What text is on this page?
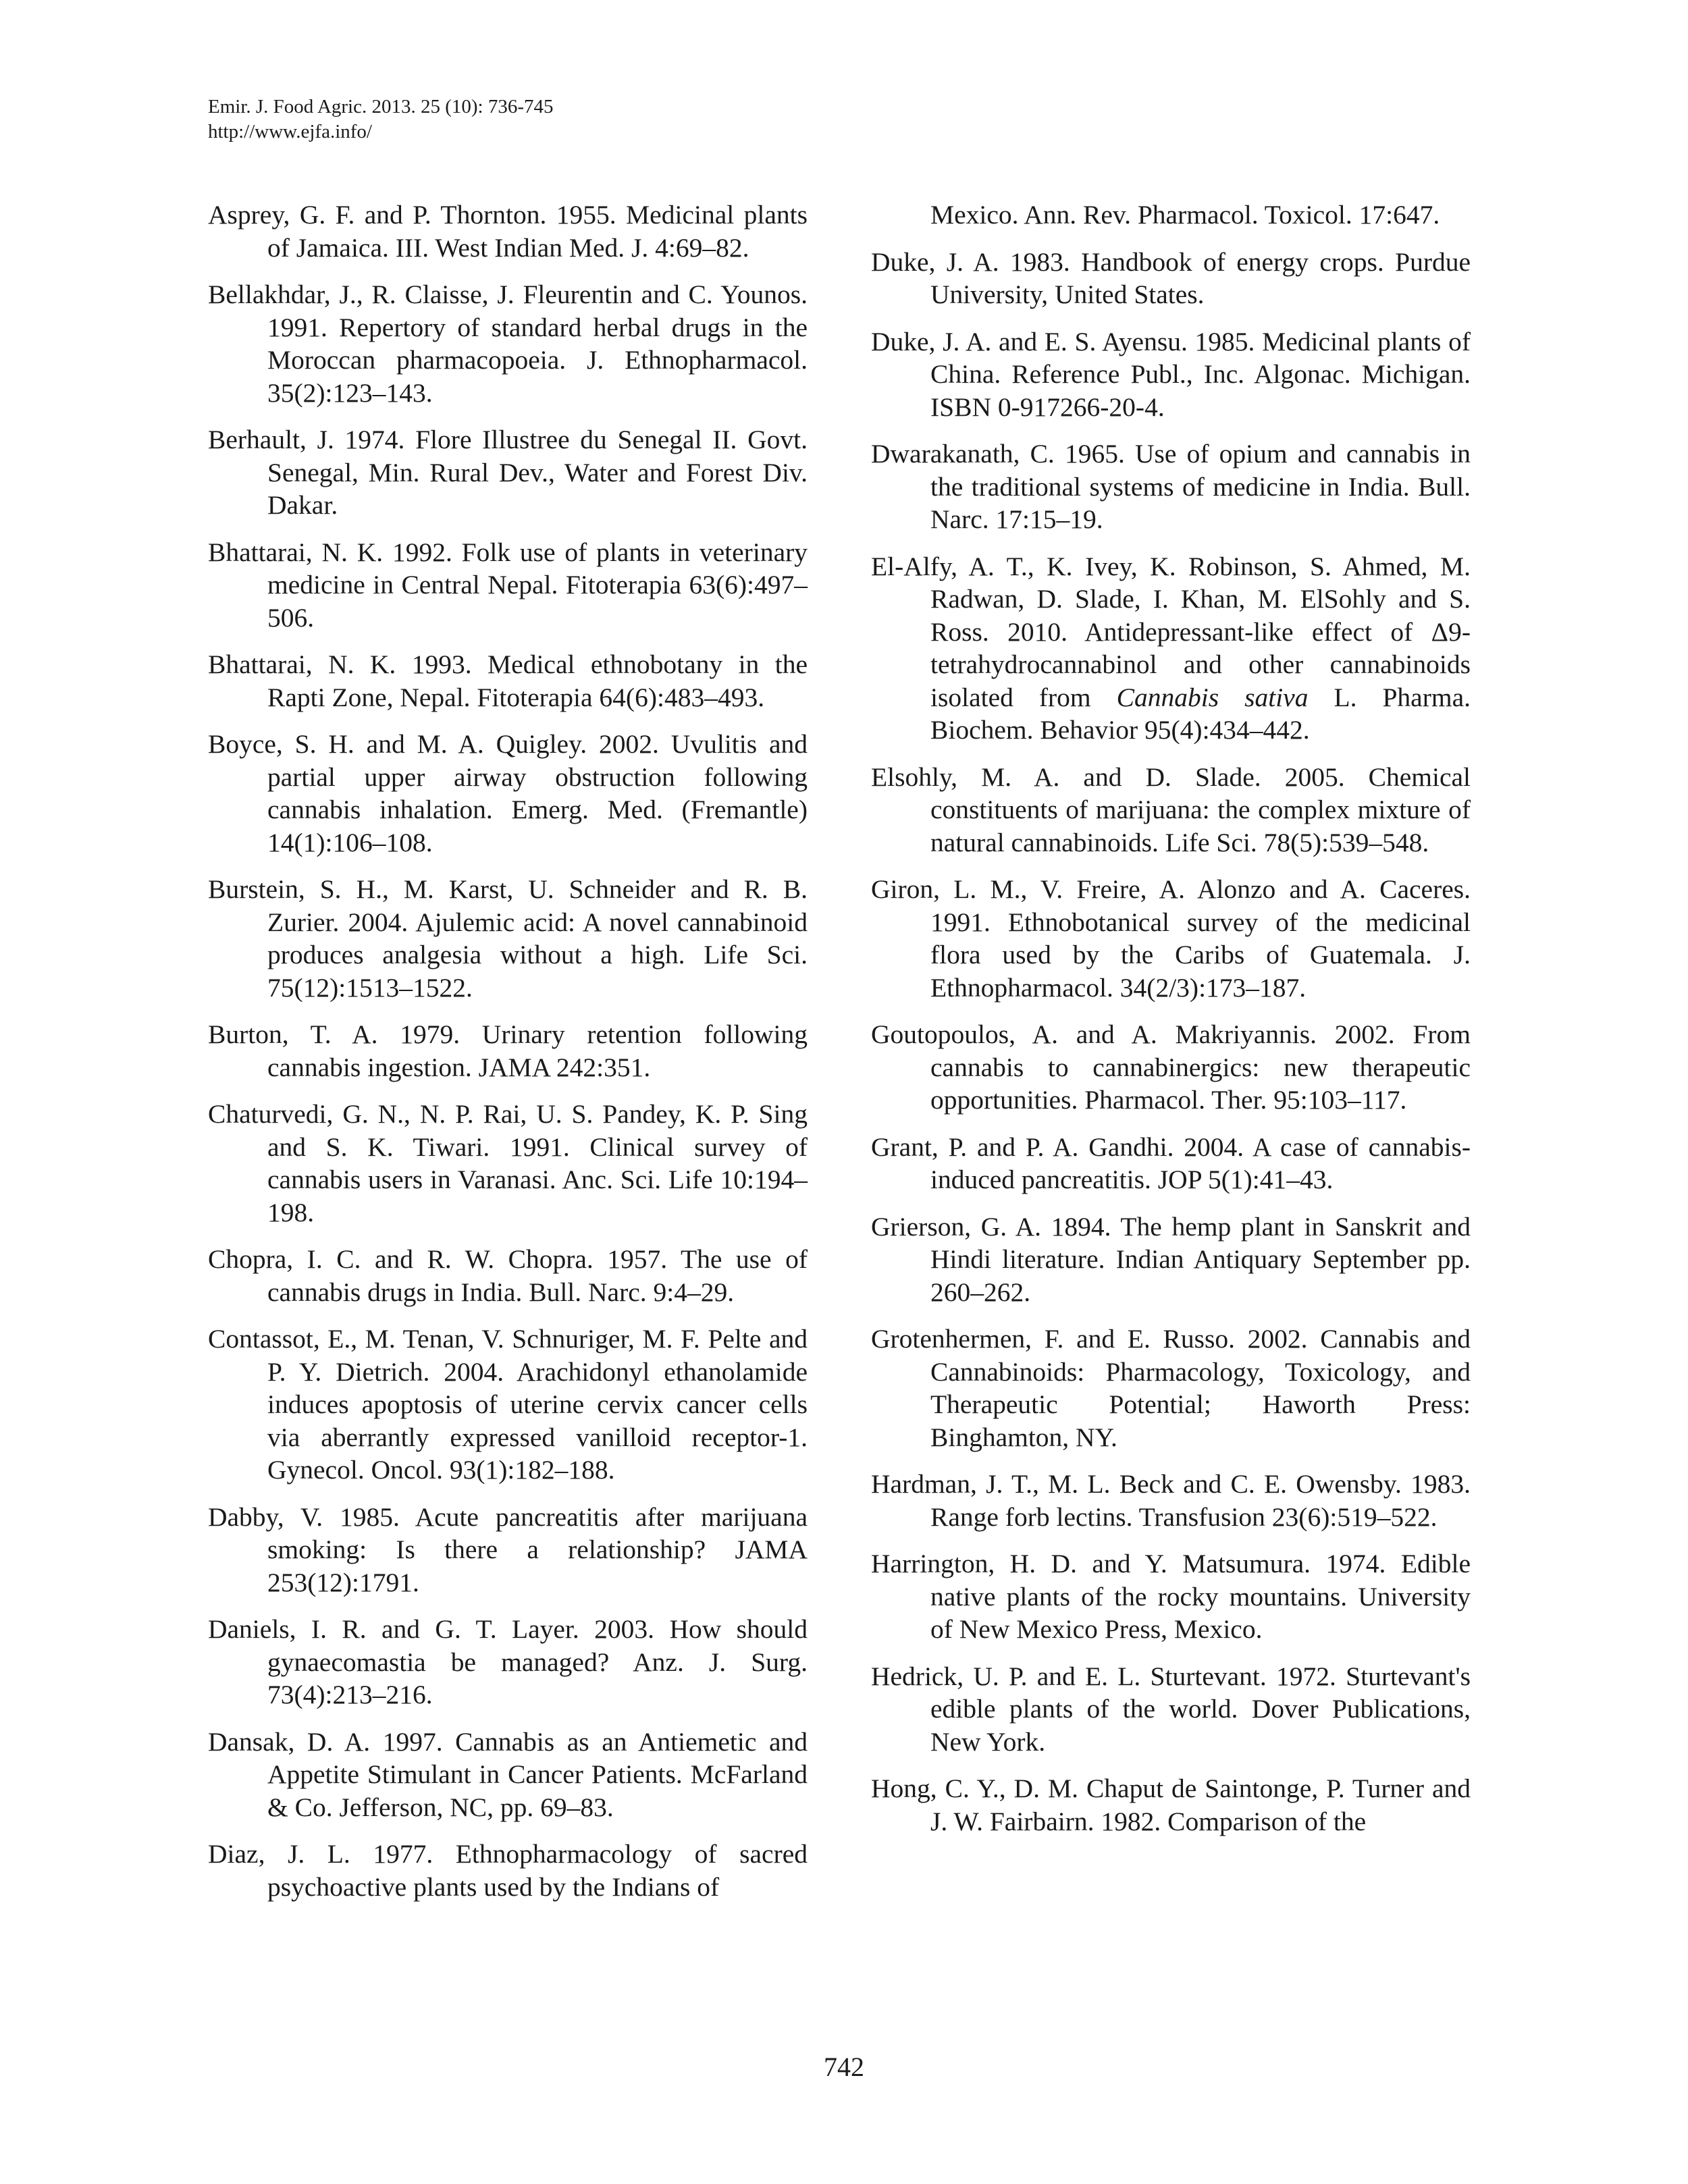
Emir. J. Food Agric. 2013. 25 (10): 736-745
http://www.ejfa.info/

Asprey, G. F. and P. Thornton. 1955. Medicinal plants of Jamaica. III. West Indian Med. J. 4:69–82.

Bellakhdar, J., R. Claisse, J. Fleurentin and C. Younos. 1991. Repertory of standard herbal drugs in the Moroccan pharmacopoeia. J. Ethnopharmacol. 35(2):123–143.

Berhault, J. 1974. Flore Illustree du Senegal II. Govt. Senegal, Min. Rural Dev., Water and Forest Div. Dakar.

Bhattarai, N. K. 1992. Folk use of plants in veterinary medicine in Central Nepal. Fitoterapia 63(6):497–506.

Bhattarai, N. K. 1993. Medical ethnobotany in the Rapti Zone, Nepal. Fitoterapia 64(6):483–493.

Boyce, S. H. and M. A. Quigley. 2002. Uvulitis and partial upper airway obstruction following cannabis inhalation. Emerg. Med. (Fremantle) 14(1):106–108.

Burstein, S. H., M. Karst, U. Schneider and R. B. Zurier. 2004. Ajulemic acid: A novel cannabinoid produces analgesia without a high. Life Sci. 75(12):1513–1522.

Burton, T. A. 1979. Urinary retention following cannabis ingestion. JAMA 242:351.

Chaturvedi, G. N., N. P. Rai, U. S. Pandey, K. P. Sing and S. K. Tiwari. 1991. Clinical survey of cannabis users in Varanasi. Anc. Sci. Life 10:194–198.

Chopra, I. C. and R. W. Chopra. 1957. The use of cannabis drugs in India. Bull. Narc. 9:4–29.

Contassot, E., M. Tenan, V. Schnuriger, M. F. Pelte and P. Y. Dietrich. 2004. Arachidonyl ethanolamide induces apoptosis of uterine cervix cancer cells via aberrantly expressed vanilloid receptor-1. Gynecol. Oncol. 93(1):182–188.

Dabby, V. 1985. Acute pancreatitis after marijuana smoking: Is there a relationship? JAMA 253(12):1791.

Daniels, I. R. and G. T. Layer. 2003. How should gynaecomastia be managed? Anz. J. Surg. 73(4):213–216.

Dansak, D. A. 1997. Cannabis as an Antiemetic and Appetite Stimulant in Cancer Patients. McFarland & Co. Jefferson, NC, pp. 69–83.

Diaz, J. L. 1977. Ethnopharmacology of sacred psychoactive plants used by the Indians of

Mexico. Ann. Rev. Pharmacol. Toxicol. 17:647.

Duke, J. A. 1983. Handbook of energy crops. Purdue University, United States.

Duke, J. A. and E. S. Ayensu. 1985. Medicinal plants of China. Reference Publ., Inc. Algonac. Michigan. ISBN 0-917266-20-4.

Dwarakanath, C. 1965. Use of opium and cannabis in the traditional systems of medicine in India. Bull. Narc. 17:15–19.

El-Alfy, A. T., K. Ivey, K. Robinson, S. Ahmed, M. Radwan, D. Slade, I. Khan, M. ElSohly and S. Ross. 2010. Antidepressant-like effect of Δ9-tetrahydrocannabinol and other cannabinoids isolated from Cannabis sativa L. Pharma. Biochem. Behavior 95(4):434–442.

Elsohly, M. A. and D. Slade. 2005. Chemical constituents of marijuana: the complex mixture of natural cannabinoids. Life Sci. 78(5):539–548.

Giron, L. M., V. Freire, A. Alonzo and A. Caceres. 1991. Ethnobotanical survey of the medicinal flora used by the Caribs of Guatemala. J. Ethnopharmacol. 34(2/3):173–187.

Goutopoulos, A. and A. Makriyannis. 2002. From cannabis to cannabinergics: new therapeutic opportunities. Pharmacol. Ther. 95:103–117.

Grant, P. and P. A. Gandhi. 2004. A case of cannabis-induced pancreatitis. JOP 5(1):41–43.

Grierson, G. A. 1894. The hemp plant in Sanskrit and Hindi literature. Indian Antiquary September pp. 260–262.

Grotenhermen, F. and E. Russo. 2002. Cannabis and Cannabinoids: Pharmacology, Toxicology, and Therapeutic Potential; Haworth Press: Binghamton, NY.

Hardman, J. T., M. L. Beck and C. E. Owensby. 1983. Range forb lectins. Transfusion 23(6):519–522.

Harrington, H. D. and Y. Matsumura. 1974. Edible native plants of the rocky mountains. University of New Mexico Press, Mexico.

Hedrick, U. P. and E. L. Sturtevant. 1972. Sturtevant's edible plants of the world. Dover Publications, New York.

Hong, C. Y., D. M. Chaput de Saintonge, P. Turner and J. W. Fairbairn. 1982. Comparison of the

742
